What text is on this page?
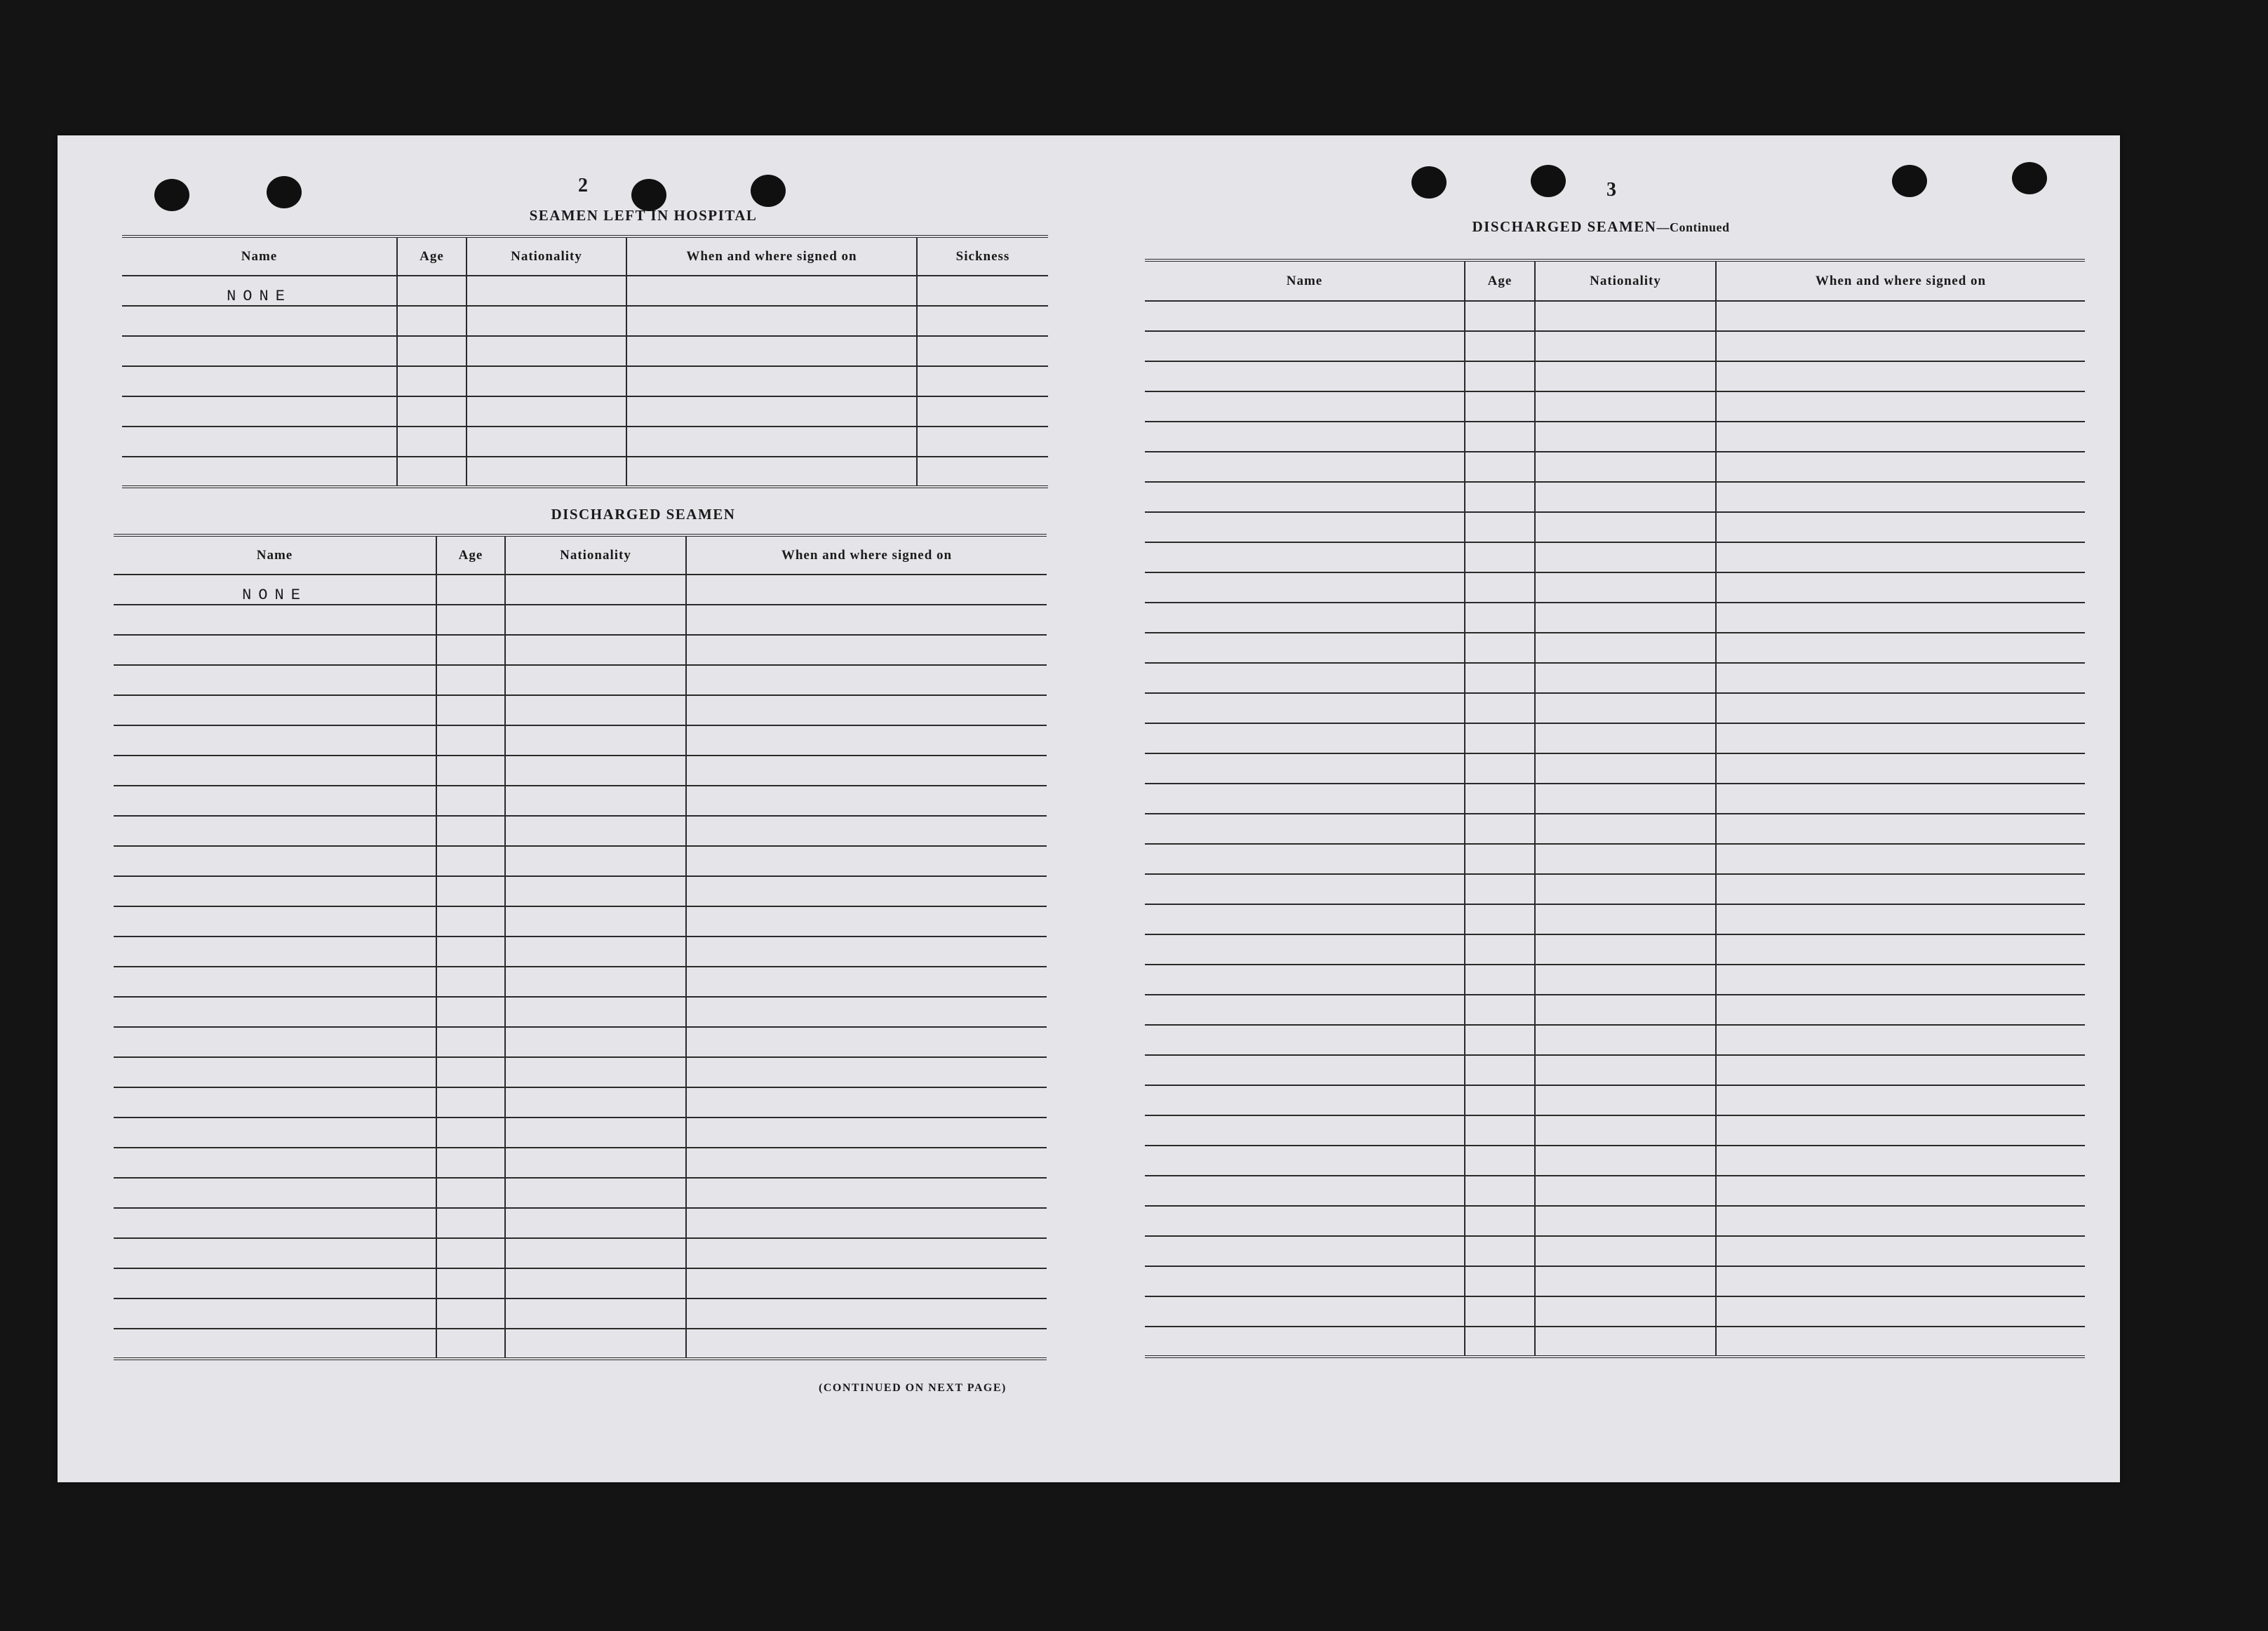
2
SEAMEN LEFT IN HOSPITAL
Name	Age	Nationality	When and where signed on	Sickness
NONE				

DISCHARGED SEAMEN
Name	Age	Nationality	When and where signed on
NONE			

(CONTINUED ON NEXT PAGE)
3
DISCHARGED SEAMEN—Continued
Name	Age	Nationality	When and where signed on
